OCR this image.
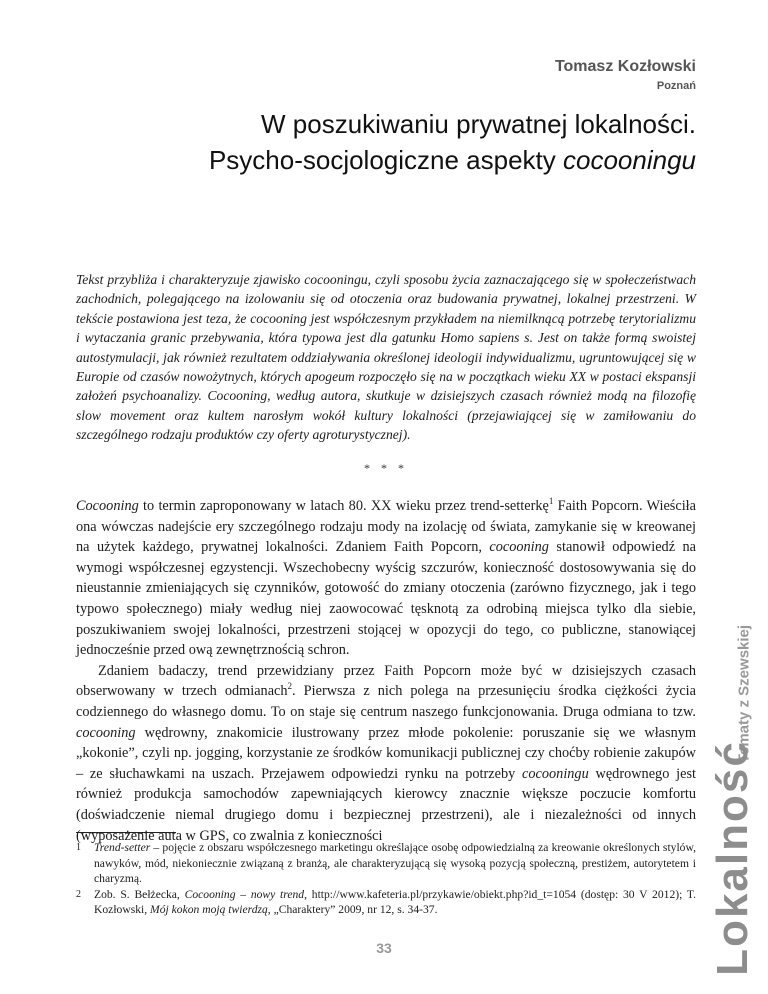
Tomasz Kozłowski
Poznań
W poszukiwaniu prywatnej lokalności.
Psycho-socjologiczne aspekty cocooningu
Tekst przybliża i charakteryzuje zjawisko cocooningu, czyli sposobu życia zaznaczającego się w społeczeństwach zachodnich, polegającego na izolowaniu się od otoczenia oraz budowania prywatnej, lokalnej przestrzeni. W tekście postawiona jest teza, że cocooning jest współczesnym przykładem na niemilknącą potrzebę terytorializmu i wytaczania granic przebywania, która typowa jest dla gatunku Homo sapiens s. Jest on także formą swoistej autostymulacji, jak również rezultatem oddziaływania określonej ideologii indywidualizmu, ugruntowującej się w Europie od czasów nowożytnych, których apogeum rozpoczęło się na w początkach wieku XX w postaci ekspansji założeń psychoanalizy. Cocooning, według autora, skutkuje w dzisiejszych czasach również modą na filozofię slow movement oraz kultem narosłym wokół kultury lokalności (przejawiającej się w zamiłowaniu do szczególnego rodzaju produktów czy oferty agroturystycznej).
* * *

Cocooning to termin zaproponowany w latach 80. XX wieku przez trend-setterkę$^1$ Faith Popcorn. Wieściła ona wówczas nadejście ery szczególnego rodzaju mody na izolację od świata, zamykanie się w kreowanej na użytek każdego, prywatnej lokalności. Zdaniem Faith Popcorn, cocooning stanowił odpowiedź na wymogi współczesnej egzystencji. Wszechobecny wyścig szczurów, konieczność dostosowywania się do nieustannie zmieniających się czynników, gotowość do zmiany otoczenia (zarówno fizycznego, jak i tego typowo społecznego) miały według niej zaowocować tęsknotą za odrobiną miejsca tylko dla siebie, poszukiwaniem swojej lokalności, przestrzeni stojącej w opozycji do tego, co publiczne, stanowiącej jednocześnie przed ową zewnętrznością schron.

Zdaniem badaczy, trend przewidziany przez Faith Popcorn może być w dzisiejszych czasach obserwowany w trzech odmianach$^2$. Pierwsza z nich polega na przesunięciu środka ciężkości życia codziennego do własnego domu. To on staje się centrum naszego funkcjonowania. Druga odmiana to tzw. cocooning wędrowny, znakomicie ilustrowany przez młode pokolenie: poruszanie się we własnym „kokonie”, czyli np. jogging, korzystanie ze środków komunikacji publicznej czy choćby robienie zakupów – ze słuchawkami na uszach. Przejawem odpowiedzi rynku na potrzeby cocooningu wędrownego jest również produkcja samochodów zapewniających kierowcy znacznie większe poczucie komfortu (doświadczenie niemal drugiego domu i bezpiecznej przestrzeni), ale i niezależności od innych (wyposażenie auta w GPS, co zwalnia z konieczności

1 Trend-setter – pojęcie z obszaru współczesnego marketingu określające osobę odpowiedzialną za kreowanie określonych stylów, nawyków, mód, niekoniecznie związaną z branżą, ale charakteryzującą się wysoką pozycją społeczną, prestiżem, autorytetem i charyzmą.
2 Zob. S. Bełżecka, Cocooning – nowy trend, http://www.kafeteria.pl/przykawie/obiekt.php?id_t=1054 (dostęp: 30 V 2012); T. Kozłowski, Mój kokon moją twierdzą, „Charaktery” 2009, nr 12, s. 34-37.
33
Tematy z Szewskiej
Lokalność
